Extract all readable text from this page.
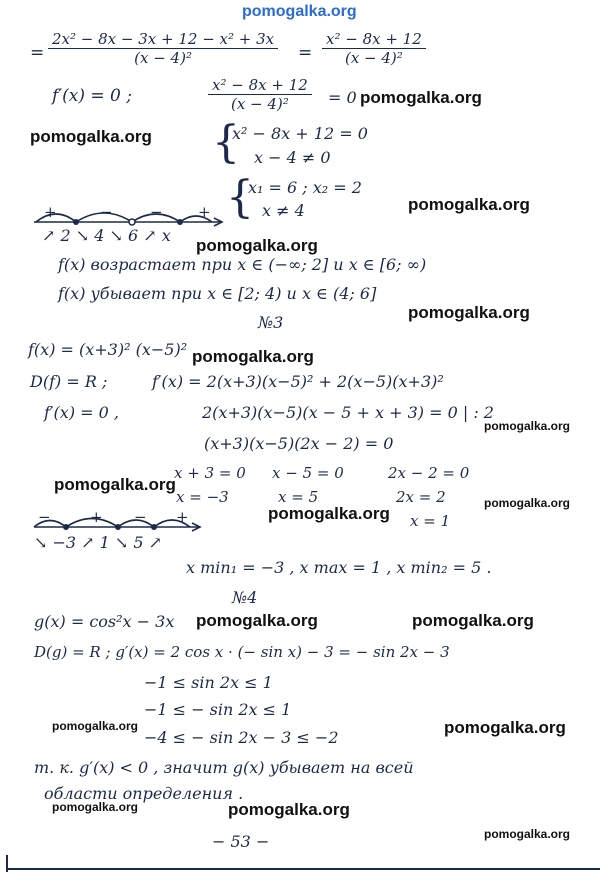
pomogalka.org
pomogalka.org
pomogalka.org
pomogalka.org
pomogalka.org
pomogalka.org
pomogalka.org
pomogalka.org
pomogalka.org
pomogalka.org
pomogalka.org
pomogalka.org	pomogalka.org
pomogalka.org	pomogalka.org
pomogalka.org	pomogalka.org
pomogalka.org
= $\frac{\text{2x² − 8x − 3x + 12 − x² + 3x}}{\text{(x − 4)²}} = \frac{\text{x² − 8x + 12}}{\text{(x − 4)²}}$
f′(x) = 0 ;	$\frac{\text{x² − 8x + 12}}{\text{(x − 4)²}} = 0$
{
x² − 8x + 12 = 0
x − 4 ≠ 0
{
x₁ = 6 ; x₂ = 2
x ≠ 4
+	− − +
↗ 2 ↘ 4 ↘ 6 ↗ x
f(x) возрастает при x ∈ (−∞; 2] и x ∈ [6; ∞)
f(x) убывает при x ∈ [2; 4) и x ∈ (4; 6]
№3
f(x) = (x+3)² (x−5)²
D(f) = R ;	f′(x) = 2(x+3)(x−5)² + 2(x−5)(x+3)²
f′(x) = 0 ,	2(x+3)(x−5)(x − 5 + x + 3) = 0 | : 2
(x+3)(x−5)(2x − 2) = 0
x + 3 = 0
x = −3
x − 5 = 0
x = 5
2x − 2 = 0
2x = 2
x = 1
−	+ − +
↘ −3 ↗ 1 ↘ 5 ↗
x min₁ = −3 , x max = 1 , x min₂ = 5 .
№4
g(x) = cos²x − 3x
D(g) = R ; g′(x) = 2 cos x · (− sin x) − 3 = − sin 2x − 3
−1 ≤ sin 2x ≤ 1
−1 ≤ − sin 2x ≤ 1
−4 ≤ − sin 2x − 3 ≤ −2
т. к. g′(x) < 0 , значит g(x) убывает на всей
области определения .
− 53 −
